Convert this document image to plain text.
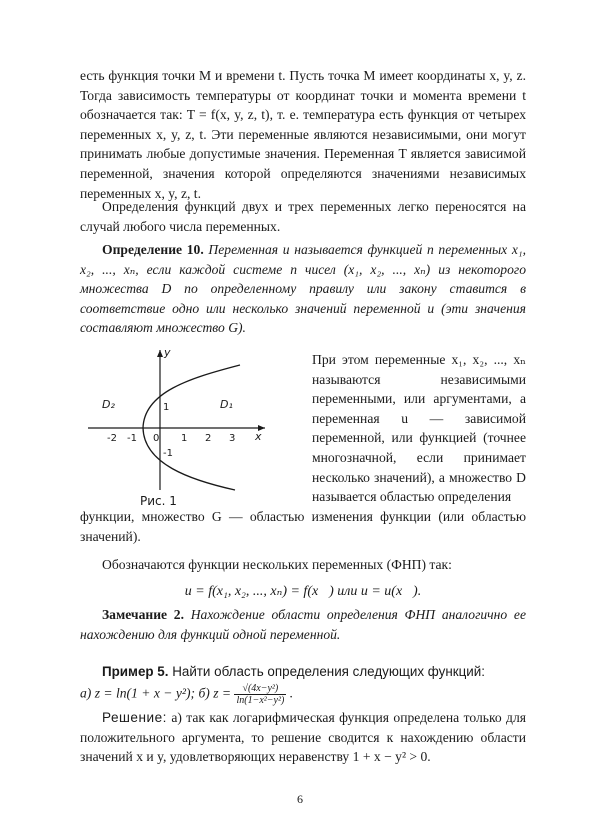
есть функция точки M и времени t. Пусть точка M имеет координаты x, y, z. Тогда зависимость температуры от координат точки и момента времени t обозначается так: T = f(x, y, z, t), т. е. температура есть функция от четырех переменных x, y, z, t. Эти переменные являются независимыми, они могут принимать любые допустимые значения. Переменная T является зависимой переменной, значения которой определяются значениями независимых переменных x, y, z, t.

Определения функций двух и трех переменных легко переносятся на случай любого числа переменных.

Определение 10. Переменная u называется функцией n переменных x₁, x₂, ..., xₙ, если каждой системе n чисел (x₁, x₂, ..., xₙ) из некоторого множества D по определенному правилу или закону ставится в соответствие одно или несколько значений переменной u (эти значения составляют множество G).

y
x
D₂	D₁
-2 -1 0 1 2 3
1
-1
Рис. 1

При этом переменные x₁, x₂, ..., xₙ называются независимыми переменными, или аргументами, а переменная u — зависимой переменной, или функцией (точнее многозначной, если принимает несколько значений), а множество D называется областью определения

функции, множество G — областью изменения функции (или областью значений).

Обозначаются функции нескольких переменных (ФНП) так:

u = f(x₁, x₂, ..., xₙ) = f(x⃗) или u = u(x⃗).

Замечание 2. Нахождение области определения ФНП аналогично ее нахождению для функций одной переменной.

Пример 5. Найти область определения следующих функций:

а) z = ln(1 + x − y²); б) $z = \frac{\text{√(4x−y²)}}{\text{ln(1−x²−y²)}}$ .

Решение: а) так как логарифмическая функция определена только для положительного аргумента, то решение сводится к нахождению области значений x и y, удовлетворяющих неравенству 1 + x − y² > 0.

6
